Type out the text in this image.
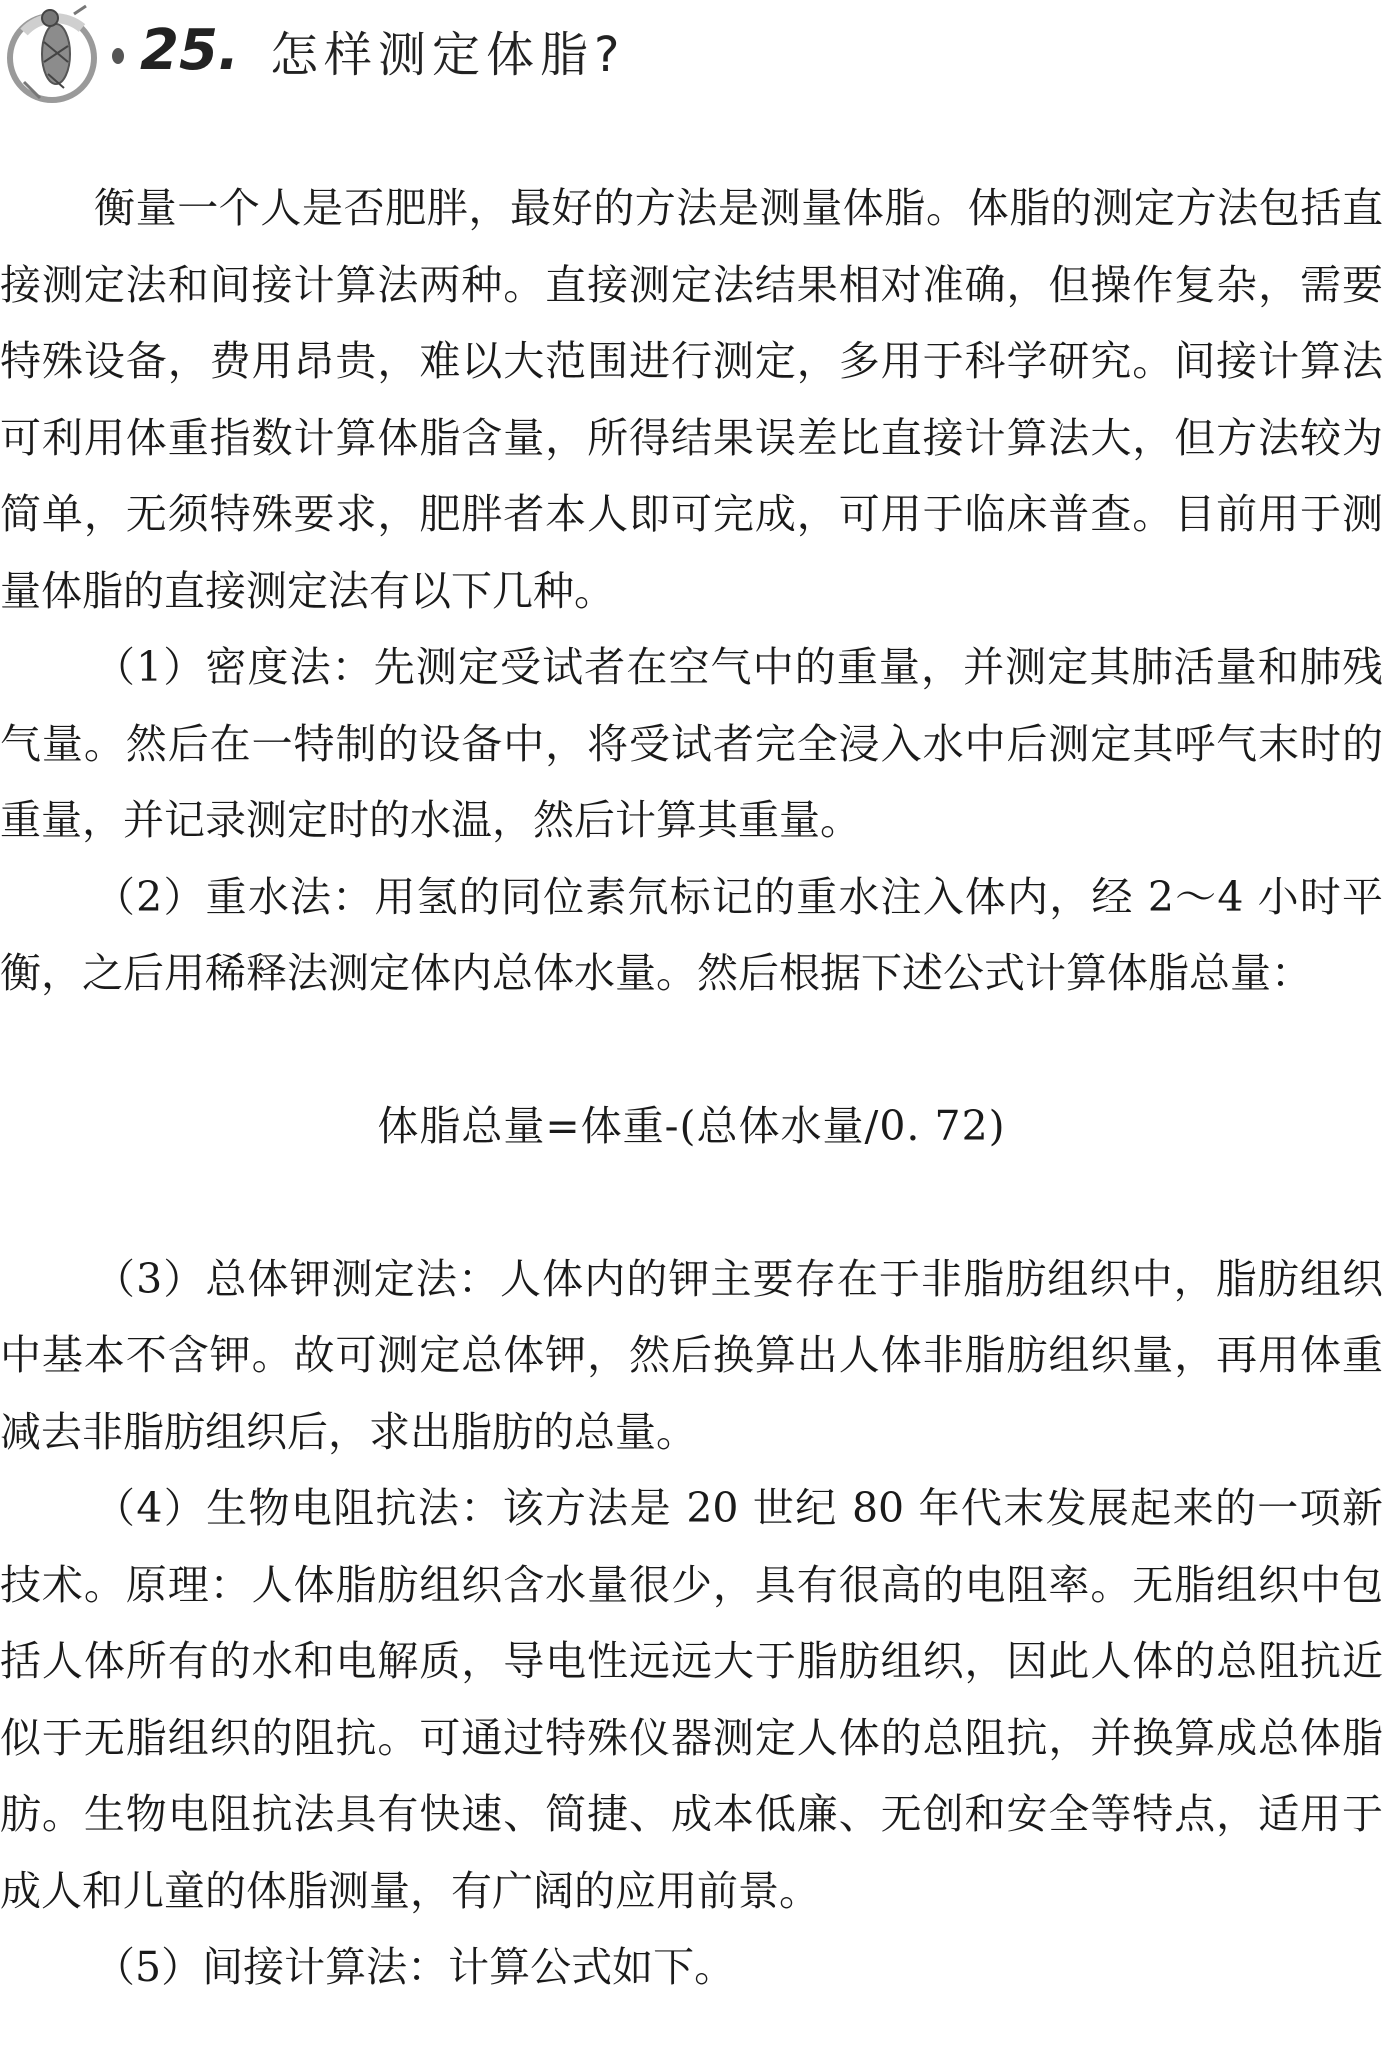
25. 怎样测定体脂?

衡量一个人是否肥胖，最好的方法是测量体脂。体脂的测定方法包括直接测定法和间接计算法两种。直接测定法结果相对准确，但操作复杂，需要特殊设备，费用昂贵，难以大范围进行测定，多用于科学研究。间接计算法可利用体重指数计算体脂含量，所得结果误差比直接计算法大，但方法较为简单，无须特殊要求，肥胖者本人即可完成，可用于临床普查。目前用于测量体脂的直接测定法有以下几种。

（1）密度法：先测定受试者在空气中的重量，并测定其肺活量和肺残气量。然后在一特制的设备中，将受试者完全浸入水中后测定其呼气末时的重量，并记录测定时的水温，然后计算其重量。

（2）重水法：用氢的同位素氘标记的重水注入体内，经 2～4 小时平衡，之后用稀释法测定体内总体水量。然后根据下述公式计算体脂总量：

体脂总量=体重-(总体水量/0. 72)

（3）总体钾测定法：人体内的钾主要存在于非脂肪组织中，脂肪组织中基本不含钾。故可测定总体钾，然后换算出人体非脂肪组织量，再用体重减去非脂肪组织后，求出脂肪的总量。

（4）生物电阻抗法：该方法是 20 世纪 80 年代末发展起来的一项新技术。原理：人体脂肪组织含水量很少，具有很高的电阻率。无脂组织中包括人体所有的水和电解质，导电性远远大于脂肪组织，因此人体的总阻抗近似于无脂组织的阻抗。可通过特殊仪器测定人体的总阻抗，并换算成总体脂肪。生物电阻抗法具有快速、简捷、成本低廉、无创和安全等特点，适用于成人和儿童的体脂测量，有广阔的应用前景。

（5）间接计算法：计算公式如下。
